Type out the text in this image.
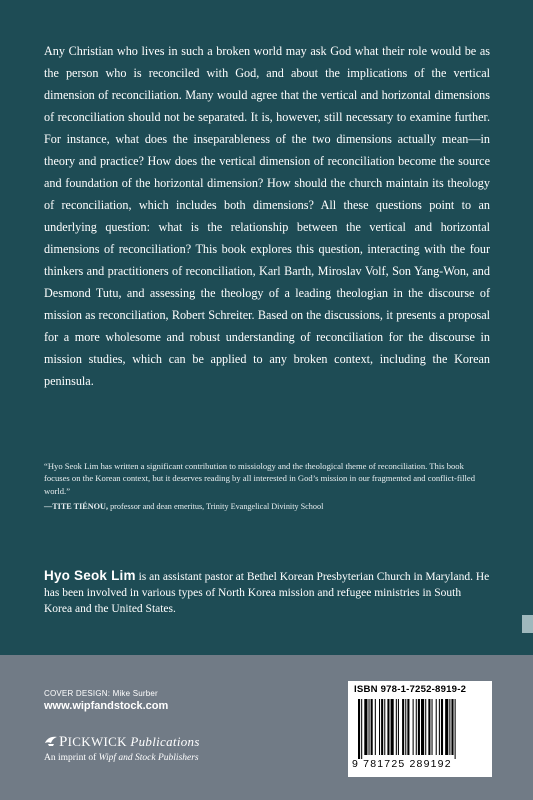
Any Christian who lives in such a broken world may ask God what their role would be as the person who is reconciled with God, and about the implications of the vertical dimension of reconciliation. Many would agree that the vertical and horizontal dimensions of reconciliation should not be separated. It is, however, still necessary to examine further. For instance, what does the inseparableness of the two dimensions actually mean—in theory and practice? How does the vertical dimension of reconciliation become the source and foundation of the horizontal dimension? How should the church maintain its theology of reconciliation, which includes both dimensions? All these questions point to an underlying question: what is the relationship between the vertical and horizontal dimensions of reconciliation? This book explores this question, interacting with the four thinkers and practitioners of reconciliation, Karl Barth, Miroslav Volf, Son Yang-Won, and Desmond Tutu, and assessing the theology of a leading theologian in the discourse of mission as reconciliation, Robert Schreiter. Based on the discussions, it presents a proposal for a more wholesome and robust understanding of reconciliation for the discourse in mission studies, which can be applied to any broken context, including the Korean peninsula.

“Hyo Seok Lim has written a significant contribution to missiology and the theological theme of reconciliation. This book focuses on the Korean context, but it deserves reading by all interested in God’s mission in our fragmented and conflict-filled world.”
—TITE TIÉNOU, professor and dean emeritus, Trinity Evangelical Divinity School
Hyo Seok Lim is an assistant pastor at Bethel Korean Presbyterian Church in Maryland. He has been involved in various types of North Korea mission and refugee ministries in South Korea and the United States.
COVER DESIGN: Mike Surber
www.wipfandstock.com
PICKWICK Publications
An imprint of Wipf and Stock Publishers
ISBN 978-1-7252-8919-2
9 781725 289192
